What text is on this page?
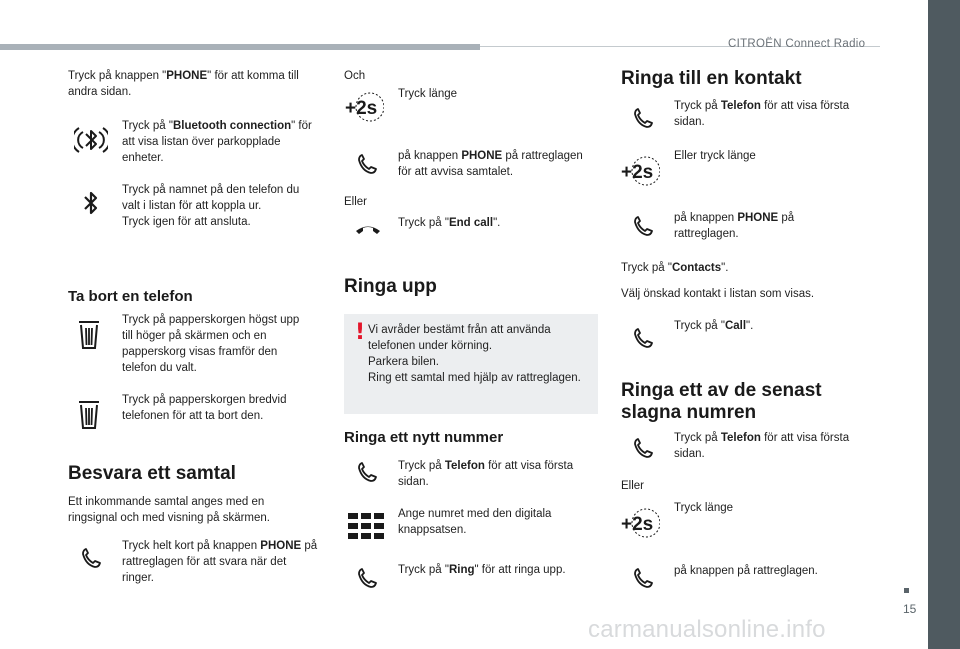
CITROËN Connect Radio
15
Tryck på knappen "PHONE" för att komma till andra sidan.
Tryck på "Bluetooth connection" för att visa listan över parkopplade enheter.
Tryck på namnet på den telefon du valt i listan för att koppla ur.
Tryck igen för att ansluta.
Ta bort en telefon
Tryck på papperskorgen högst upp till höger på skärmen och en papperskorg visas framför den telefon du valt.
Tryck på papperskorgen bredvid telefonen för att ta bort den.
Besvara ett samtal
Ett inkommande samtal anges med en ringsignal och med visning på skärmen.
Tryck helt kort på knappen PHONE på rattreglagen för att svara när det ringer.
Och
+2s
Tryck länge
på knappen PHONE på rattreglagen för att avvisa samtalet.
Eller
Tryck på "End call".
Ringa upp
! Vi avråder bestämt från att använda telefonen under körning.
Parkera bilen.
Ring ett samtal med hjälp av rattreglagen.
Ringa ett nytt nummer
Tryck på Telefon för att visa första sidan.
Ange numret med den digitala knappsatsen.
Tryck på "Ring" för att ringa upp.
Ringa till en kontakt
Tryck på Telefon för att visa första sidan.
+2s
Eller tryck länge
på knappen PHONE på rattreglagen.
Tryck på "Contacts".
Välj önskad kontakt i listan som visas.
Tryck på "Call".
Ringa ett av de senast
slagna numren
Tryck på Telefon för att visa första sidan.
Eller
+2s
Tryck länge
på knappen på rattreglagen.
carmanualsonline.info
